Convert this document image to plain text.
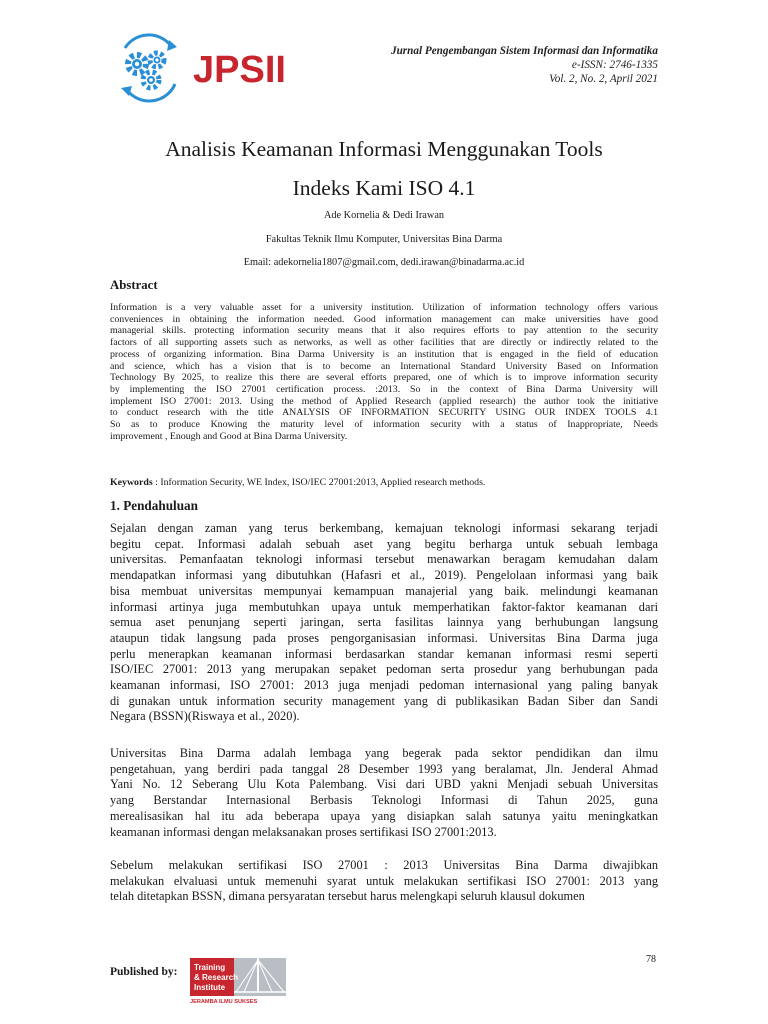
JPSII	Jurnal Pengembangan Sistem Informasi dan Informatika
e-ISSN: 2746-1335
Vol. 2, No. 2, April 2021
Analisis Keamanan Informasi Menggunakan Tools
Indeks Kami ISO 4.1
Ade Kornelia & Dedi Irawan
Fakultas Teknik Ilmu Komputer, Universitas Bina Darma
Email: adekornelia1807@gmail.com, dedi.irawan@binadarma.ac.id
Abstract
Information is a very valuable asset for a university institution. Utilization of information technology offers various
conveniences in obtaining the information needed. Good information management can make universities have good
managerial skills. protecting information security means that it also requires efforts to pay attention to the security
factors of all supporting assets such as networks, as well as other facilities that are directly or indirectly related to the
process of organizing information. Bina Darma University is an institution that is engaged in the field of education
and science, which has a vision that is to become an International Standard University Based on Information
Technology By 2025, to realize this there are several efforts prepared, one of which is to improve information security
by implementing the ISO 27001 certification process. :2013. So in the context of Bina Darma University will
implement ISO 27001: 2013. Using the method of Applied Research (applied research) the author took the initiative
to conduct research with the title ANALYSIS OF INFORMATION SECURITY USING OUR INDEX TOOLS 4.1
So as to produce Knowing the maturity level of information security with a status of Inappropriate, Needs
improvement , Enough and Good at Bina Darma University.
Keywords : Information Security, WE Index, ISO/IEC 27001:2013, Applied research methods.
1. Pendahuluan
Sejalan dengan zaman yang terus berkembang, kemajuan teknologi informasi sekarang terjadi
begitu cepat. Informasi adalah sebuah aset yang begitu berharga untuk sebuah lembaga
universitas. Pemanfaatan teknologi informasi tersebut menawarkan beragam kemudahan dalam
mendapatkan informasi yang dibutuhkan (Hafasri et al., 2019). Pengelolaan informasi yang baik
bisa membuat universitas mempunyai kemampuan manajerial yang baik. melindungi keamanan
informasi artinya juga membutuhkan upaya untuk memperhatikan faktor-faktor keamanan dari
semua aset penunjang seperti jaringan, serta fasilitas lainnya yang berhubungan langsung
ataupun tidak langsung pada proses pengorganisasian informasi. Universitas Bina Darma juga
perlu menerapkan keamanan informasi berdasarkan standar kemanan informasi resmi seperti
ISO/IEC 27001: 2013 yang merupakan sepaket pedoman serta prosedur yang berhubungan pada
keamanan informasi, ISO 27001: 2013 juga menjadi pedoman internasional yang paling banyak
di gunakan untuk information security management yang di publikasikan Badan Siber dan Sandi
Negara (BSSN)(Riswaya et al., 2020).
Universitas Bina Darma adalah lembaga yang begerak pada sektor pendidikan dan ilmu
pengetahuan, yang berdiri pada tanggal 28 Desember 1993 yang beralamat, Jln. Jenderal Ahmad
Yani No. 12 Seberang Ulu Kota Palembang. Visi dari UBD yakni Menjadi sebuah Universitas
yang Berstandar Internasional Berbasis Teknologi Informasi di Tahun 2025, guna
merealisasikan hal itu ada beberapa upaya yang disiapkan salah satunya yaitu meningkatkan
keamanan informasi dengan melaksanakan proses sertifikasi ISO 27001:2013.
Sebelum melakukan sertifikasi ISO 27001 : 2013 Universitas Bina Darma diwajibkan
melakukan elvaluasi untuk memenuhi syarat untuk melakukan sertifikasi ISO 27001: 2013 yang
telah ditetapkan BSSN, dimana persyaratan tersebut harus melengkapi seluruh klausul dokumen
78
Published by: Training
& Research
Institute
JERAMBA ILMU SUKSES
